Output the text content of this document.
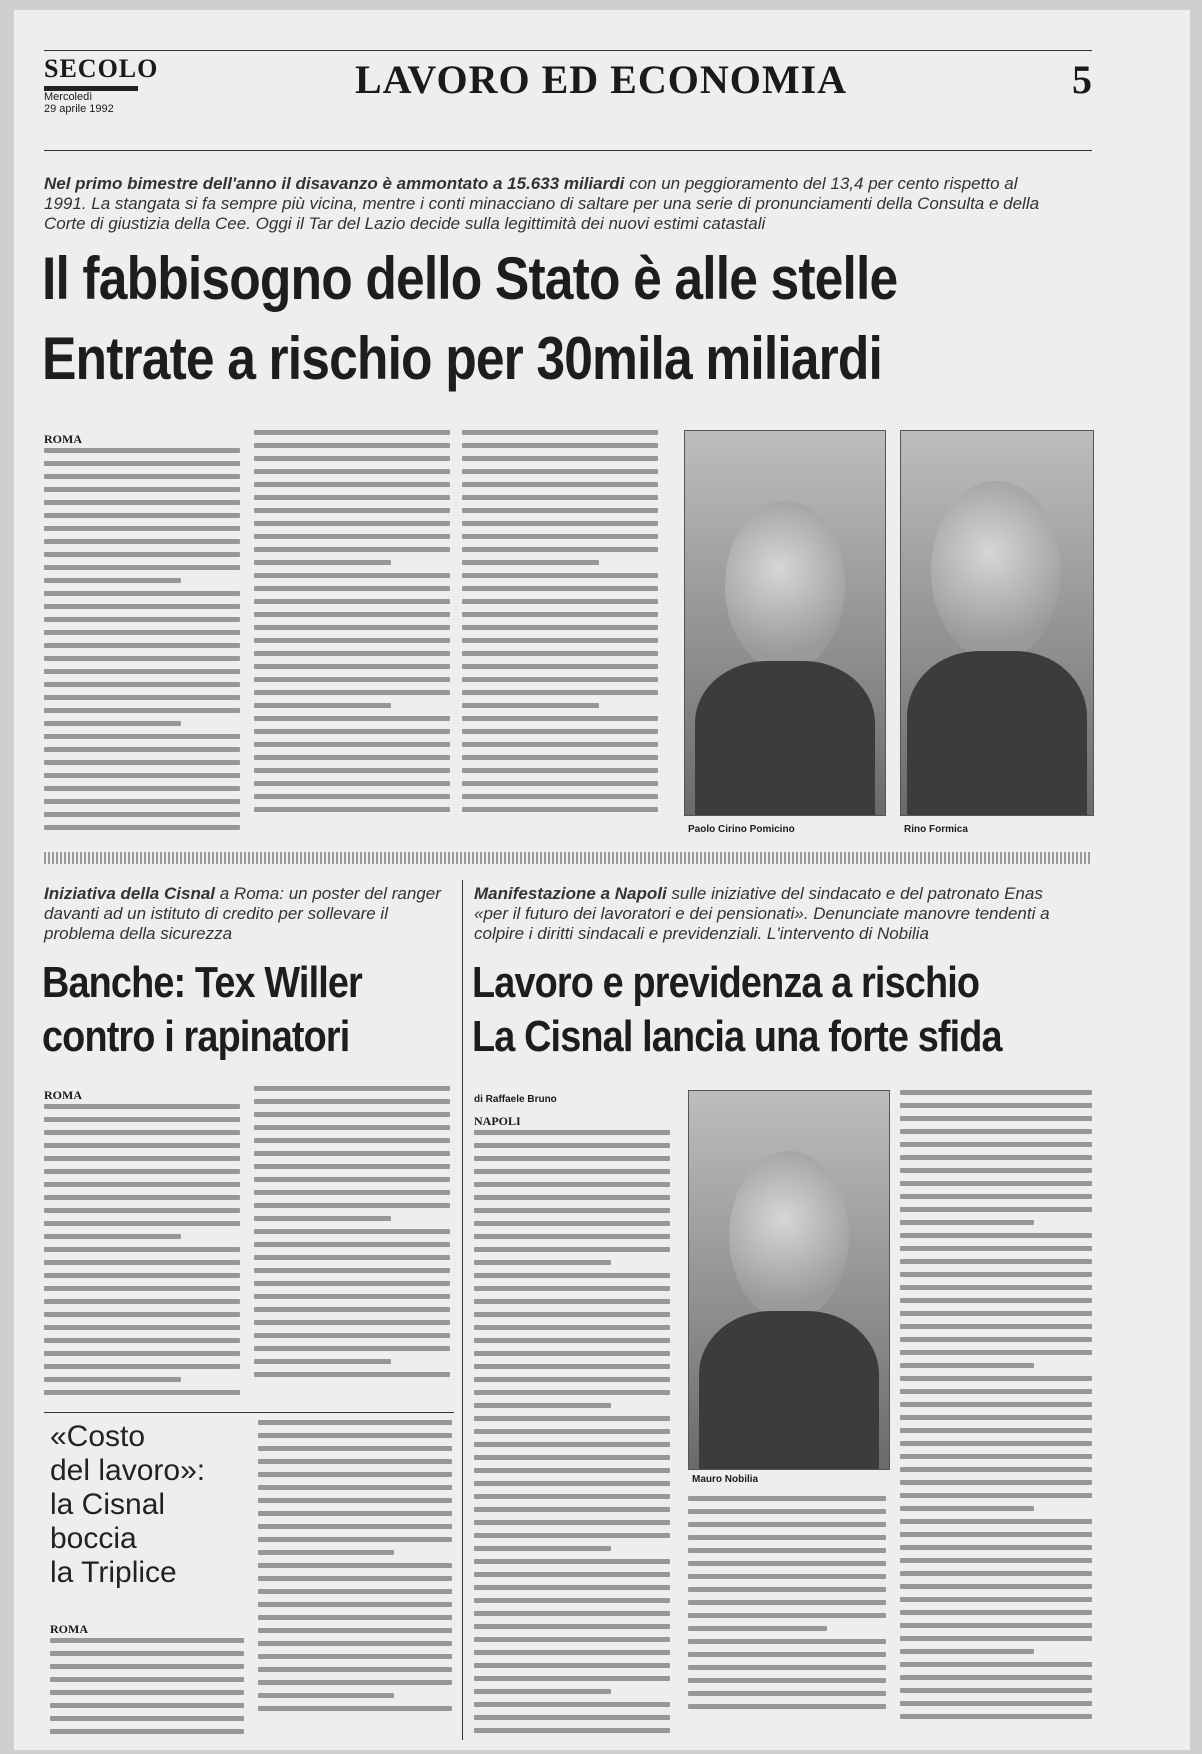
SECOLO
Mercoledì
29 aprile 1992
LAVORO ED ECONOMIA	5
Nel primo bimestre dell'anno il disavanzo è ammontato a 15.633 miliardi con un peggioramento del 13,4 per cento rispetto al 1991. La stangata si fa sempre più vicina, mentre i conti minacciano di saltare per una serie di pronunciamenti della Consulta e della Corte di giustizia della Cee. Oggi il Tar del Lazio decide sulla legittimità dei nuovi estimi catastali
Il fabbisogno dello Stato è alle stelle
Entrate a rischio per 30mila miliardi
ROMA
Paolo Cirino Pomicino	Rino Formica
Iniziativa della Cisnal a Roma: un poster del ranger davanti ad un istituto di credito per sollevare il problema della sicurezza
Banche: Tex Willer
contro i rapinatori
ROMA
«Costo
del lavoro»:
la Cisnal
boccia
la Triplice
ROMA
Manifestazione a Napoli sulle iniziative del sindacato e del patronato Enas «per il futuro dei lavoratori e dei pensionati». Denunciate manovre tendenti a colpire i diritti sindacali e previdenziali. L'intervento di Nobilia
Lavoro e previdenza a rischio
La Cisnal lancia una forte sfida
di Raffaele Bruno
NAPOLI
Mauro Nobilia
